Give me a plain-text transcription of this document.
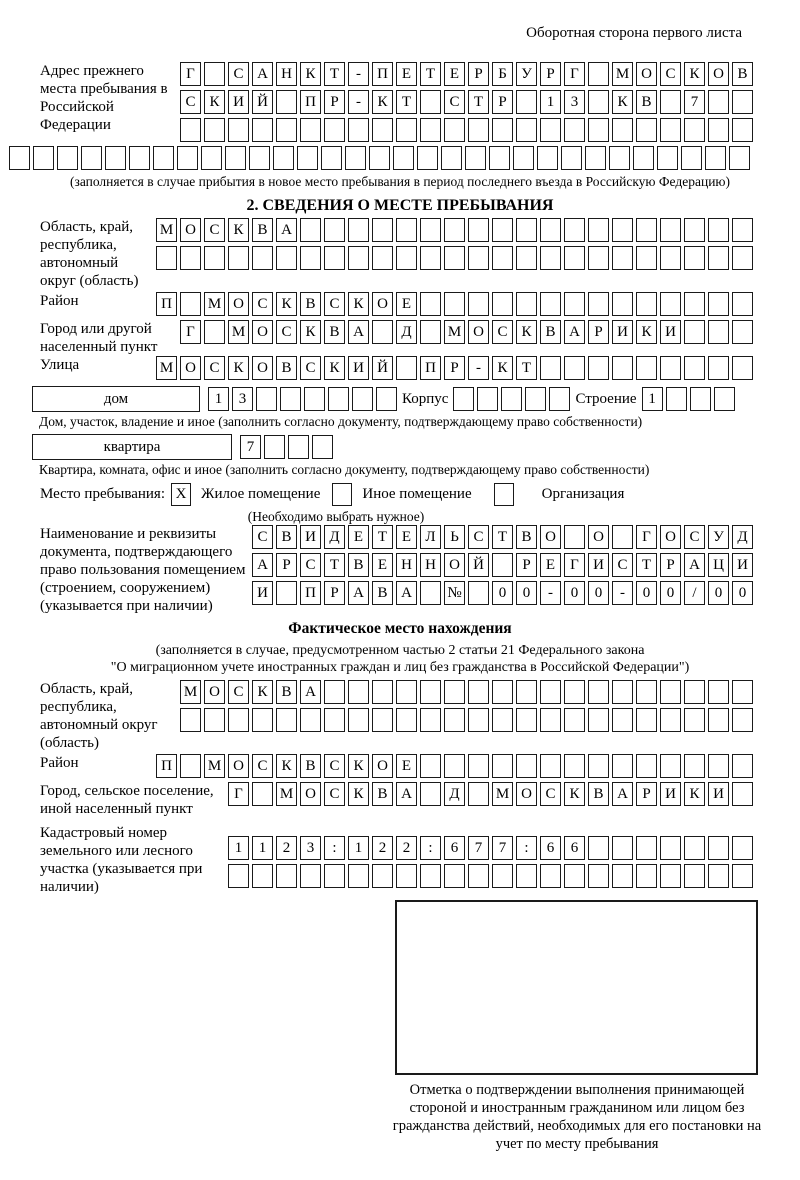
Оборотная сторона первого листа
Адрес прежнего места пребывания в Российской Федерации
Г	С А Н К Т	-	П Е Т Е	Р	Б У Р	Г	М О С К О В
С К И Й	П Р	-	К Т	С Т	Р	1	3	К В	7
(заполняется в случае прибытия в новое место пребывания в период последнего въезда в Российскую Федерацию)
2. СВЕДЕНИЯ О МЕСТЕ ПРЕБЫВАНИЯ
Область, край, республика, автономный округ (область)
М О С К В А
Район	П	М О С К В С К О Е
Город или другой населенный пункт
Г	М О С К В А	Д	М О С К В А Р И К И
Улица	М О С К О В С К И Й	П Р	-	К Т
дом	1	3	Корпус	Строение 1
Дом, участок, владение и иное (заполнить согласно документу, подтверждающему право собственности)
квартира	7
Квартира, комната, офис и иное (заполнить согласно документу, подтверждающему право собственности)
Место пребывания: X Жилое помещение	Иное помещение	Организация
(Необходимо выбрать нужное)
Наименование и реквизиты документа, подтверждающего право пользования помещением (строением, сооружением) (указывается при наличии)
С В И Д Е Т Е Л Ь С Т В О	О	Г О С У Д
А Р С Т В Е Н Н О Й	Р	Е	Г И С Т	Р А Ц И
И	П Р А В А	№	0	0	-	0	0	-	0	0	/	0	0
Фактическое место нахождения
(заполняется в случае, предусмотренном частью 2 статьи 21 Федерального закона
"О миграционном учете иностранных граждан и лиц без гражданства в Российской Федерации")
Область, край, республика, автономный округ (область)
М О С К В А
Район	П	М О С К В С К О Е
Город, сельское поселение, иной населенный пункт
Г	М О С К В А	Д	М О С К В А Р И К И
Кадастровый номер земельного или лесного участка (указывается при наличии)
1	1	2	3	:	1	2	2	:	6	7	7	:	6	6
Отметка о подтверждении выполнения принимающей стороной и иностранным гражданином или лицом без гражданства действий, необходимых для его постановки на учет по месту пребывания
